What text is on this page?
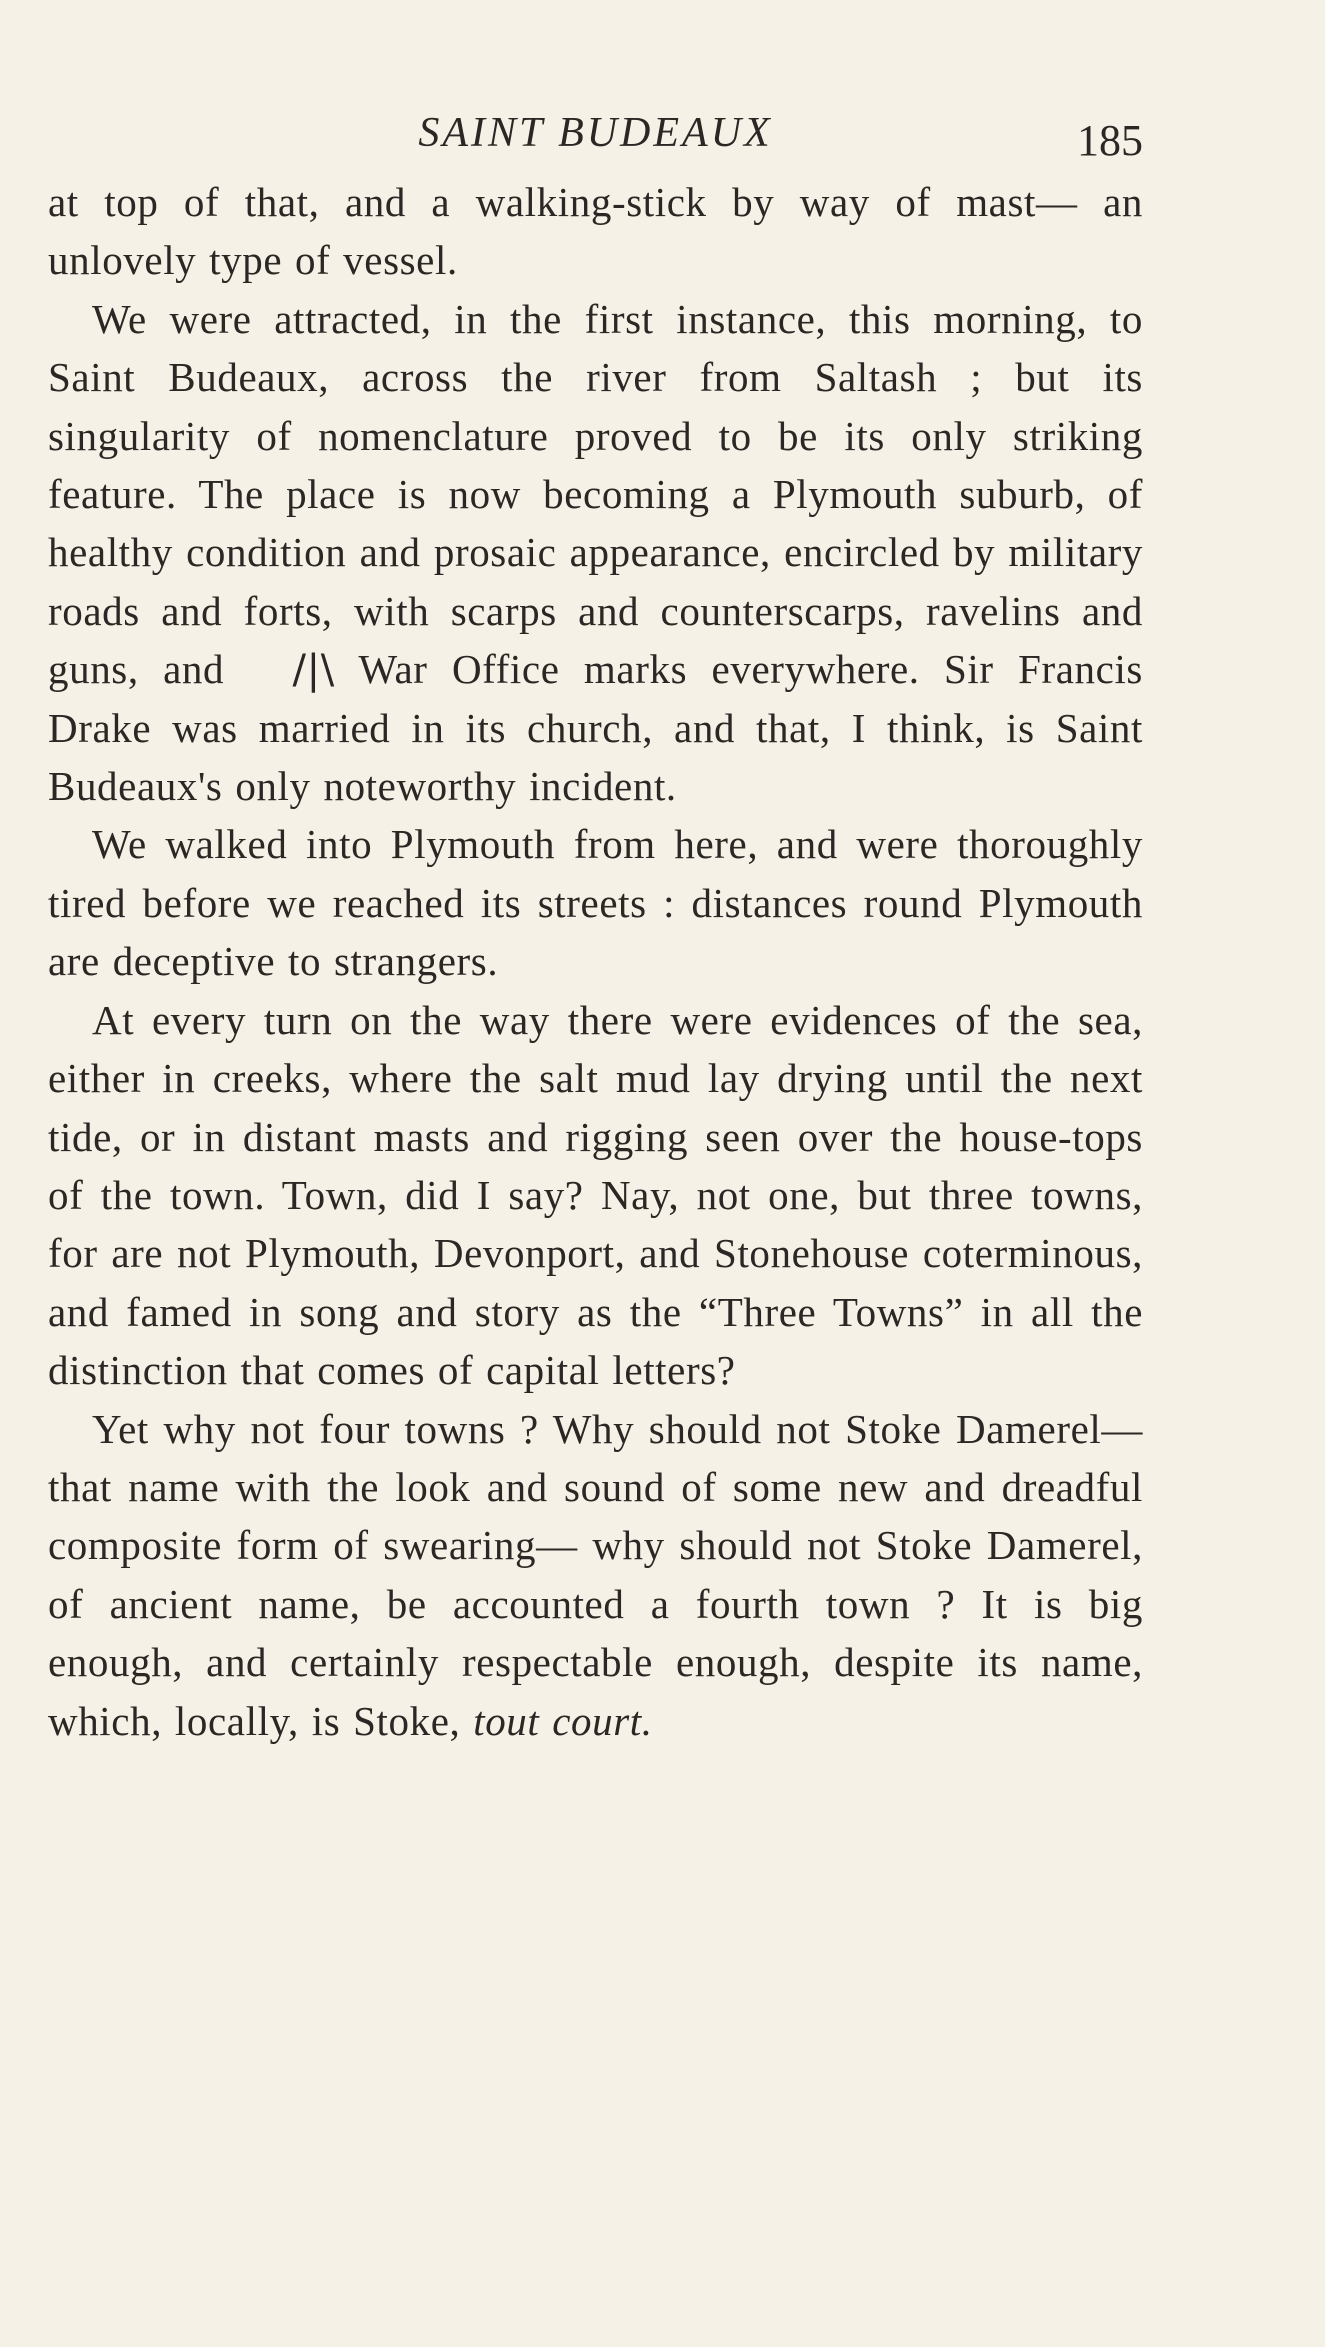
SAINT BUDEAUX	185

at top of that, and a walking-stick by way of mast— an unlovely type of vessel.

We were attracted, in the first instance, this morning, to Saint Budeaux, across the river from Saltash ; but its singularity of nomenclature proved to be its only striking feature. The place is now becoming a Plymouth suburb, of healthy condition and prosaic appearance, encircled by military roads and forts, with scarps and counterscarps, ravelins and guns, and /|\ War Office marks everywhere. Sir Francis Drake was married in its church, and that, I think, is Saint Budeaux's only noteworthy incident.

We walked into Plymouth from here, and were thoroughly tired before we reached its streets : distances round Plymouth are deceptive to strangers.

At every turn on the way there were evidences of the sea, either in creeks, where the salt mud lay drying until the next tide, or in distant masts and rigging seen over the house-tops of the town. Town, did I say? Nay, not one, but three towns, for are not Plymouth, Devonport, and Stonehouse coterminous, and famed in song and story as the “Three Towns” in all the distinction that comes of capital letters?

Yet why not four towns ? Why should not Stoke Damerel—that name with the look and sound of some new and dreadful composite form of swearing— why should not Stoke Damerel, of ancient name, be accounted a fourth town ? It is big enough, and certainly respectable enough, despite its name, which, locally, is Stoke, tout court.
